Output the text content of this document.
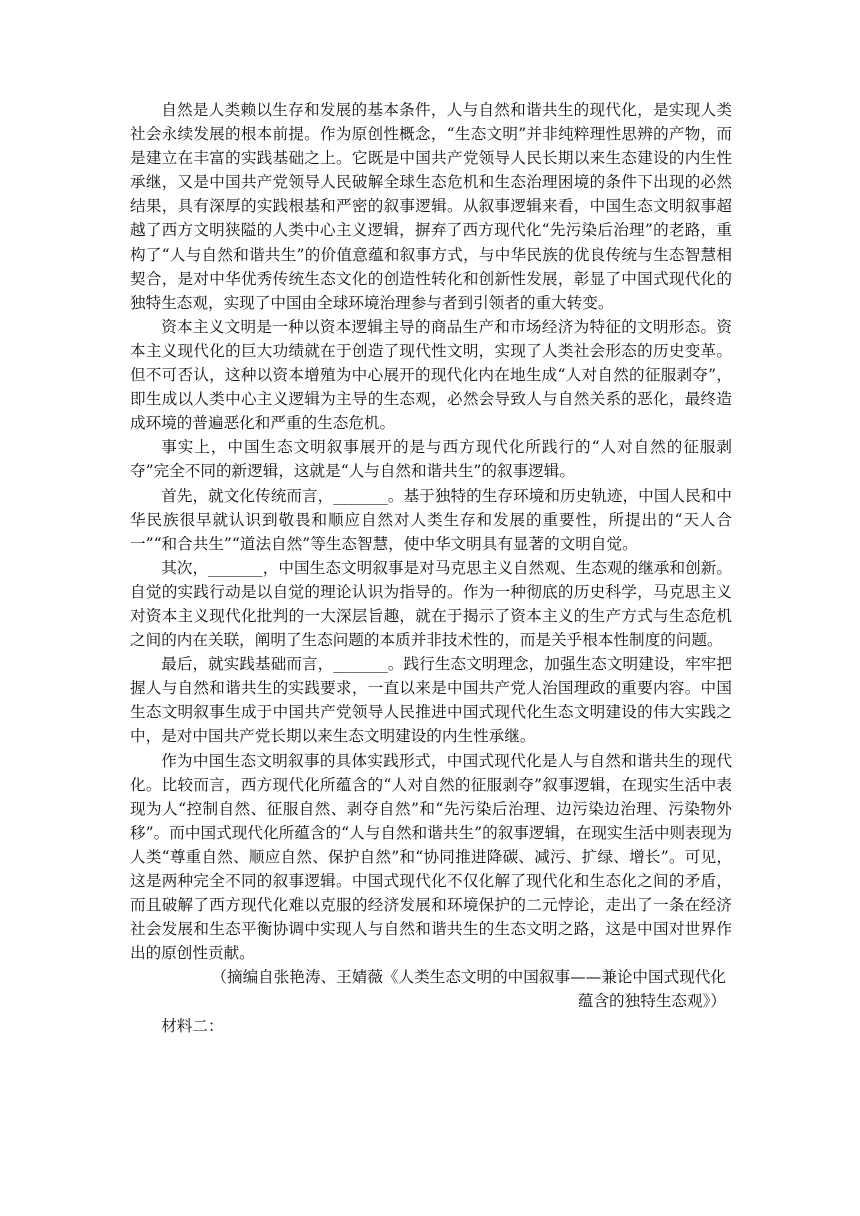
自然是人类赖以生存和发展的基本条件，人与自然和谐共生的现代化，是实现人类社会永续发展的根本前提。作为原创性概念，“生态文明”并非纯粹理性思辨的产物，而是建立在丰富的实践基础之上。它既是中国共产党领导人民长期以来生态建设的内生性承继，又是中国共产党领导人民破解全球生态危机和生态治理困境的条件下出现的必然结果，具有深厚的实践根基和严密的叙事逻辑。从叙事逻辑来看，中国生态文明叙事超越了西方文明狭隘的人类中心主义逻辑，摒弃了西方现代化“先污染后治理”的老路，重构了“人与自然和谐共生”的价值意蕴和叙事方式，与中华民族的优良传统与生态智慧相契合，是对中华优秀传统生态文化的创造性转化和创新性发展，彰显了中国式现代化的独特生态观，实现了中国由全球环境治理参与者到引领者的重大转变。

资本主义文明是一种以资本逻辑主导的商品生产和市场经济为特征的文明形态。资本主义现代化的巨大功绩就在于创造了现代性文明，实现了人类社会形态的历史变革。但不可否认，这种以资本增殖为中心展开的现代化内在地生成“人对自然的征服剥夺”，即生成以人类中心主义逻辑为主导的生态观，必然会导致人与自然关系的恶化，最终造成环境的普遍恶化和严重的生态危机。

事实上，中国生态文明叙事展开的是与西方现代化所践行的“人对自然的征服剥夺”完全不同的新逻辑，这就是“人与自然和谐共生”的叙事逻辑。

首先，就文化传统而言，_______。基于独特的生存环境和历史轨迹，中国人民和中华民族很早就认识到敬畏和顺应自然对人类生存和发展的重要性，所提出的“天人合一”“和合共生”“道法自然”等生态智慧，使中华文明具有显著的文明自觉。

其次，_______，中国生态文明叙事是对马克思主义自然观、生态观的继承和创新。自觉的实践行动是以自觉的理论认识为指导的。作为一种彻底的历史科学，马克思主义对资本主义现代化批判的一大深层旨趣，就在于揭示了资本主义的生产方式与生态危机之间的内在关联，阐明了生态问题的本质并非技术性的，而是关乎根本性制度的问题。

最后，就实践基础而言，_______。践行生态文明理念，加强生态文明建设，牢牢把握人与自然和谐共生的实践要求，一直以来是中国共产党人治国理政的重要内容。中国生态文明叙事生成于中国共产党领导人民推进中国式现代化生态文明建设的伟大实践之中，是对中国共产党长期以来生态文明建设的内生性承继。

作为中国生态文明叙事的具体实践形式，中国式现代化是人与自然和谐共生的现代化。比较而言，西方现代化所蕴含的“人对自然的征服剥夺”叙事逻辑，在现实生活中表现为人“控制自然、征服自然、剥夺自然”和“先污染后治理、边污染边治理、污染物外移”。而中国式现代化所蕴含的“人与自然和谐共生”的叙事逻辑，在现实生活中则表现为人类“尊重自然、顺应自然、保护自然”和“协同推进降碳、减污、扩绿、增长”。可见，这是两种完全不同的叙事逻辑。中国式现代化不仅化解了现代化和生态化之间的矛盾，而且破解了西方现代化难以克服的经济发展和环境保护的二元悖论，走出了一条在经济社会发展和生态平衡协调中实现人与自然和谐共生的生态文明之路，这是中国对世界作出的原创性贡献。

（摘编自张艳涛、王婧薇《人类生态文明的中国叙事——兼论中国式现代化

蕴含的独特生态观》）

材料二：
